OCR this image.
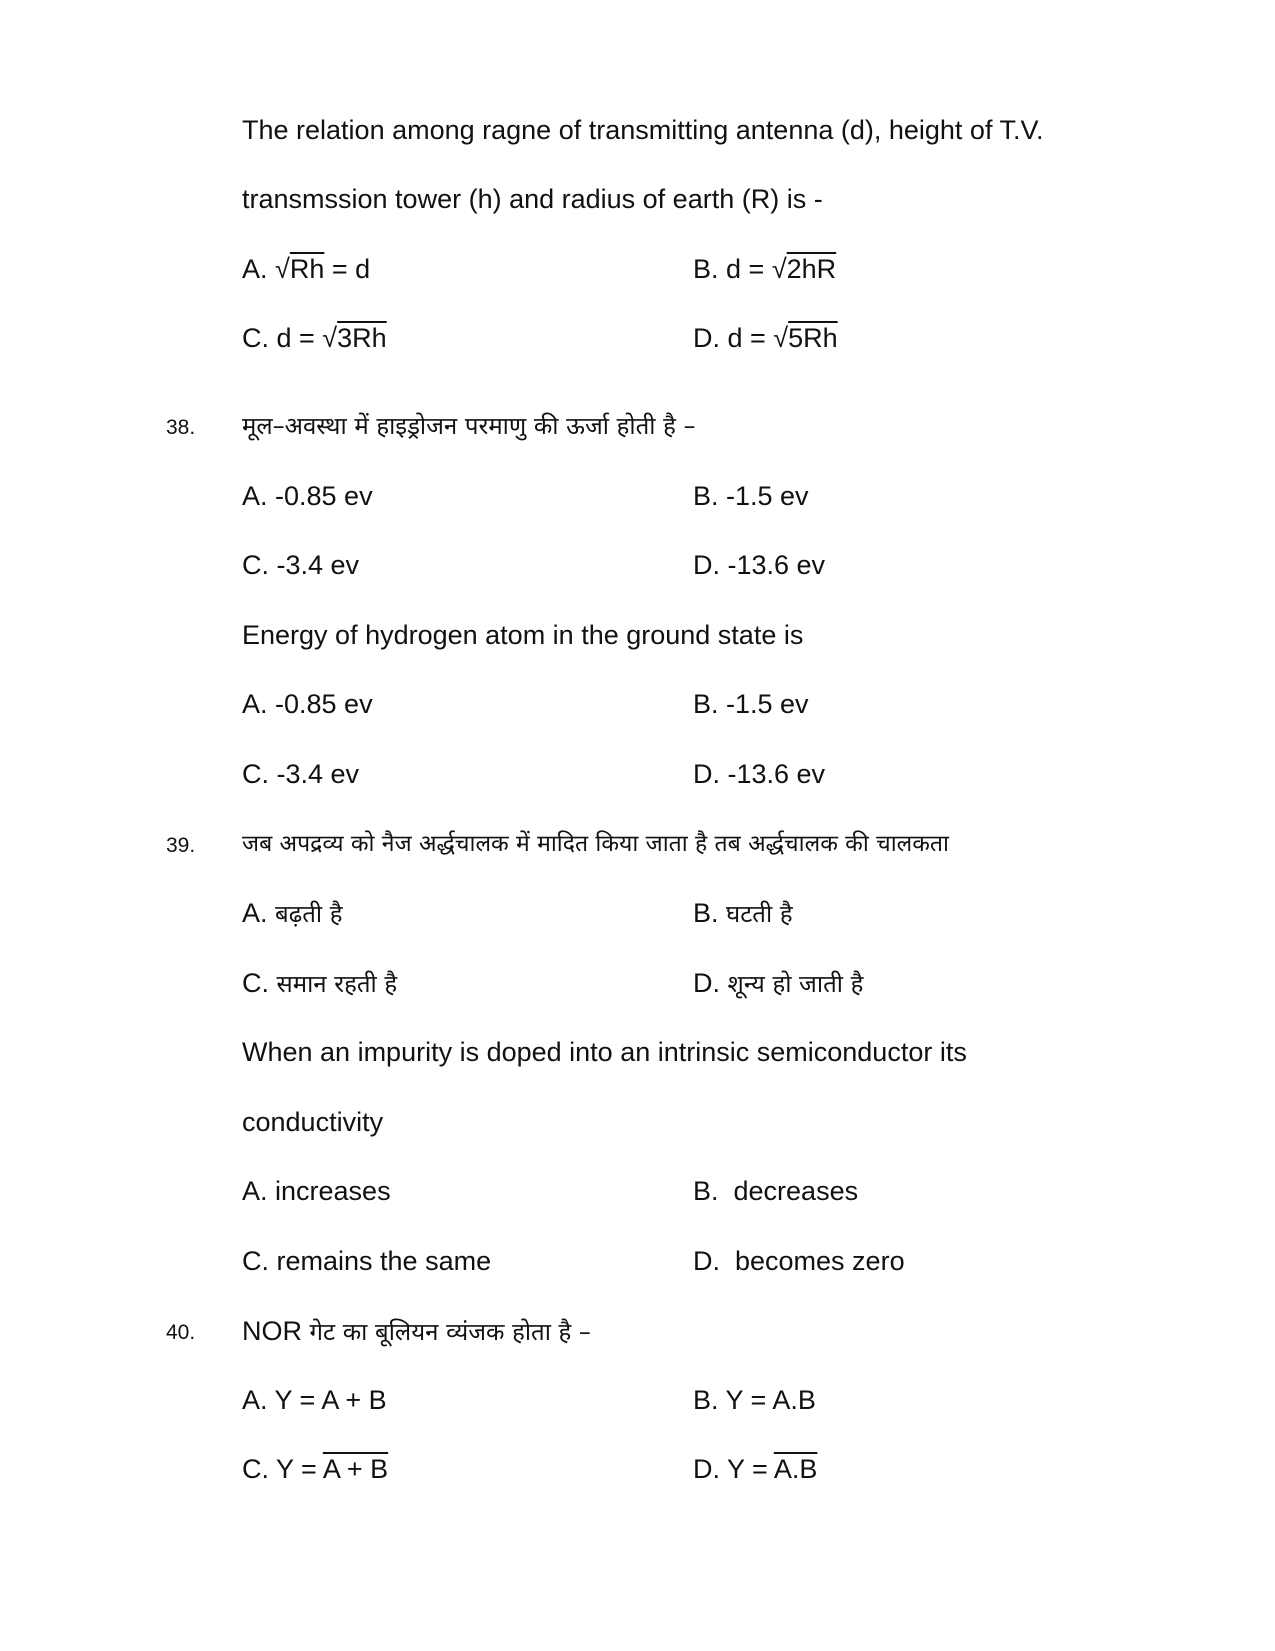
The relation among ragne of transmitting antenna (d), height of T.V.
transmssion tower (h) and radius of earth (R) is -
A. √Rh = d	B. d = √2hR
C. d = √3Rh	D. d = √5Rh
38. मूल–अवस्था में हाइड्रोजन परमाणु की ऊर्जा होती है –
A. -0.85 ev	B. -1.5 ev
C. -3.4 ev	D. -13.6 ev
Energy of hydrogen atom in the ground state is
A. -0.85 ev	B. -1.5 ev
C. -3.4 ev	D. -13.6 ev
39. जब अपद्रव्य को नैज अर्द्धचालक में मादित किया जाता है तब अर्द्धचालक की चालकता
A. बढ़ती है	B. घटती है
C. समान रहती है	D. शून्य हो जाती है
When an impurity is doped into an intrinsic semiconductor its
conductivity
A. increases	B.  decreases
C. remains the same	D.  becomes zero
40. NOR गेट का बूलियन व्यंजक होता है –
A. Y = A + B	B. Y = A.B
C. Y = A + B	D. Y = A.B
